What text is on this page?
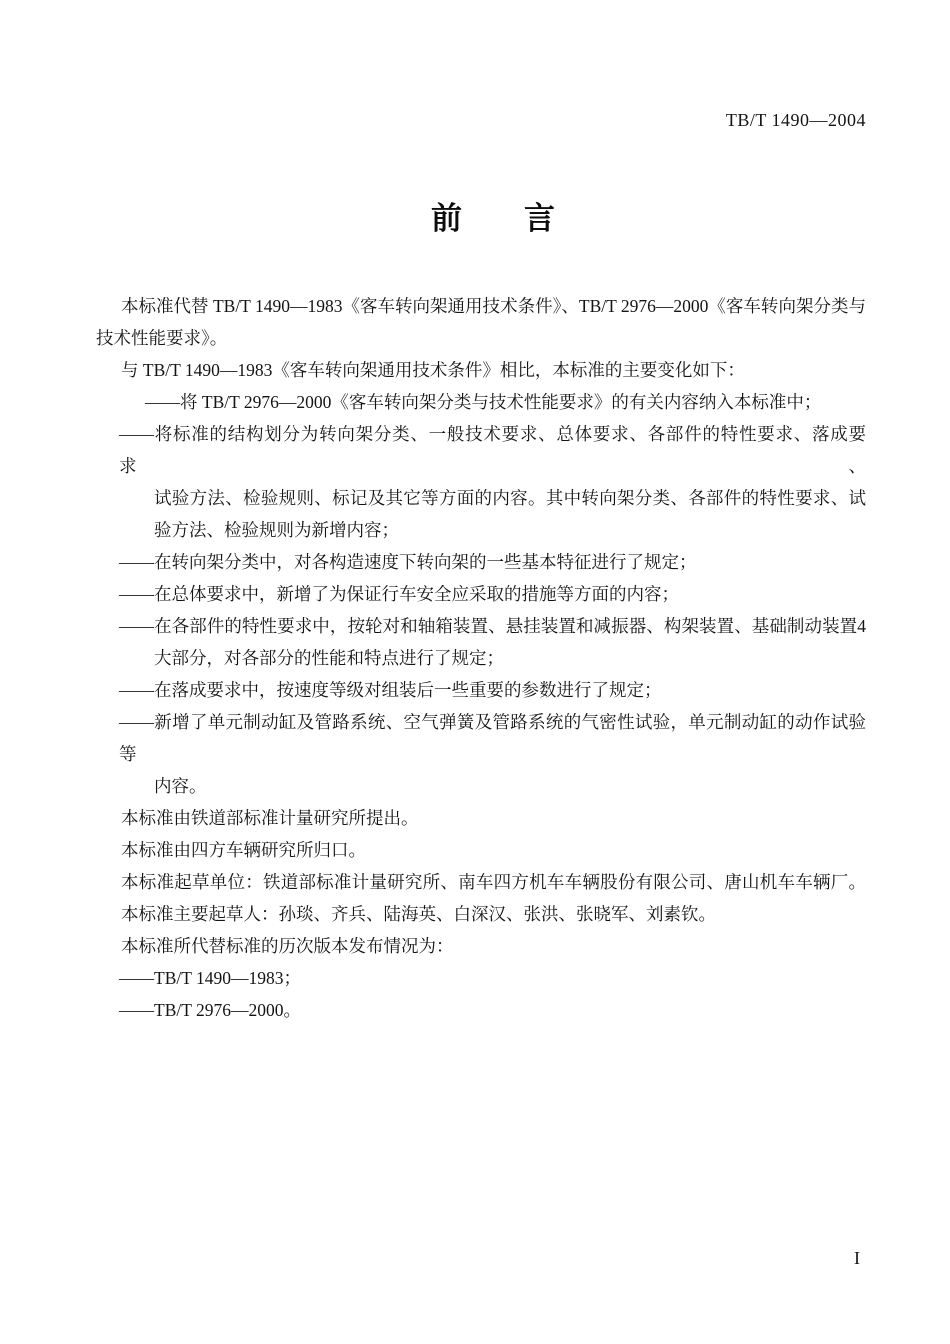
TB/T 1490—2004
前　　言
本标准代替 TB/T 1490—1983《客车转向架通用技术条件》、TB/T 2976—2000《客车转向架分类与
技术性能要求》。
与 TB/T 1490—1983《客车转向架通用技术条件》相比，本标准的主要变化如下：
——将 TB/T 2976—2000《客车转向架分类与技术性能要求》的有关内容纳入本标准中；
——将标准的结构划分为转向架分类、一般技术要求、总体要求、各部件的特性要求、落成要求、
试验方法、检验规则、标记及其它等方面的内容。其中转向架分类、各部件的特性要求、试
验方法、检验规则为新增内容；
——在转向架分类中，对各构造速度下转向架的一些基本特征进行了规定；
——在总体要求中，新增了为保证行车安全应采取的措施等方面的内容；
——在各部件的特性要求中，按轮对和轴箱装置、悬挂装置和减振器、构架装置、基础制动装置4
大部分，对各部分的性能和特点进行了规定；
——在落成要求中，按速度等级对组装后一些重要的参数进行了规定；
——新增了单元制动缸及管路系统、空气弹簧及管路系统的气密性试验，单元制动缸的动作试验等
内容。
本标准由铁道部标准计量研究所提出。
本标准由四方车辆研究所归口。
本标准起草单位：铁道部标准计量研究所、南车四方机车车辆股份有限公司、唐山机车车辆厂。
本标准主要起草人：孙琰、齐兵、陆海英、白深汉、张洪、张晓军、刘素钦。
本标准所代替标准的历次版本发布情况为：
——TB/T 1490—1983；
——TB/T 2976—2000。
I
